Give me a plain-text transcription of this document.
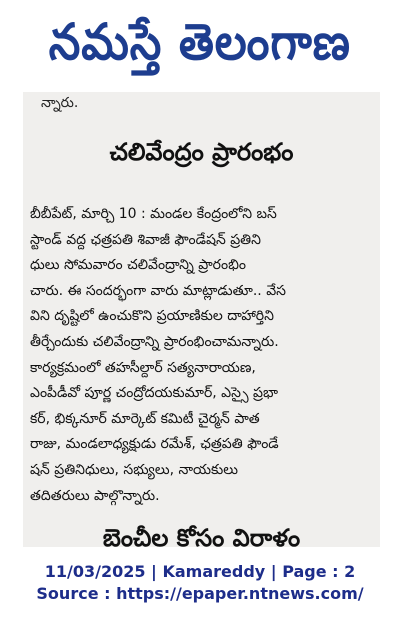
నమస్తే తెలంగాణ
న్నారు.
చలివేంద్రం ప్రారంభం
బీబీపేట్, మార్చి 10 : మండల కేంద్రంలోని బస్
స్టాండ్ వద్ద ఛత్రపతి శివాజీ ఫౌండేషన్ ప్రతిని
ధులు సోమవారం చలివేంద్రాన్ని ప్రారంభిం
చారు. ఈ సందర్భంగా వారు మాట్లాడుతూ.. వేస
విని దృష్టిలో ఉంచుకొని ప్రయాణికుల దాహార్తిని
తీర్చేందుకు చలివేంద్రాన్ని ప్రారంభించామన్నారు.
కార్యక్రమంలో తహసీల్దార్ సత్యనారాయణ,
ఎంపీడీవో పూర్ణ చంద్రోదయకుమార్, ఎస్సై ప్రభా
కర్, భిక్కనూర్ మార్కెట్ కమిటీ చైర్మన్ పాత
రాజు, మండలాధ్యక్షుడు రమేశ్, ఛత్రపతి ఫౌండే
షన్ ప్రతినిధులు, సభ్యులు, నాయకులు
తదితరులు పాల్గొన్నారు.
బెంచీల కోసం విరాళం
11/03/2025 | Kamareddy | Page : 2
Source : https://epaper.ntnews.com/
